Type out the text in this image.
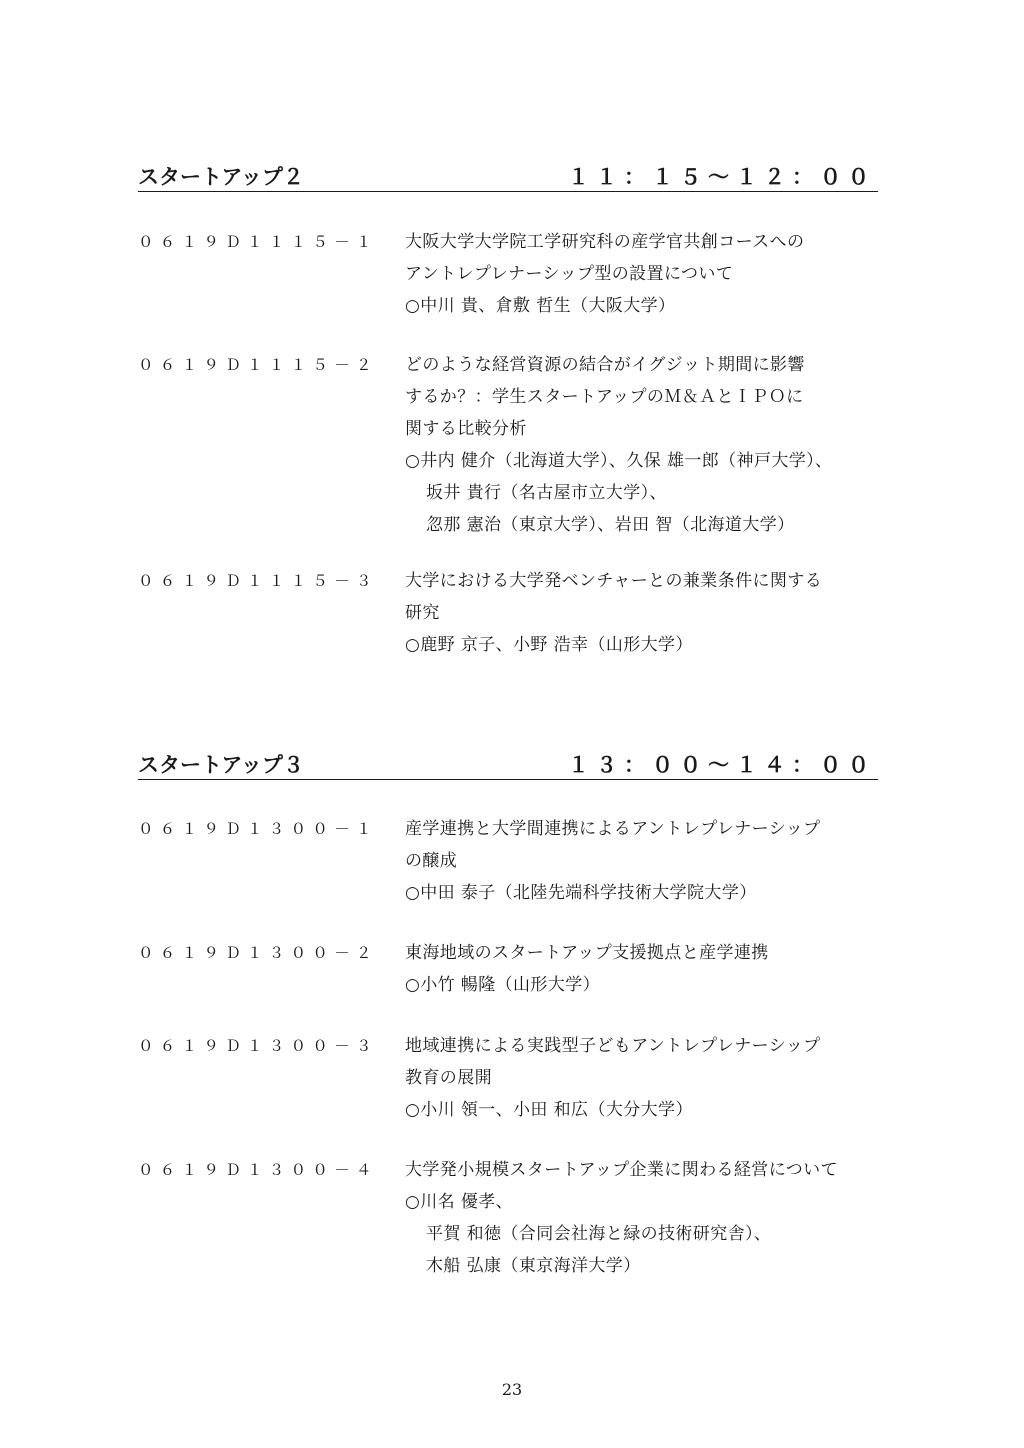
スタートアップ２	１１：１５～１２：００
０６１９Ｄ１１１５－１ 大阪大学大学院工学研究科の産学官共創コースへの
アントレプレナーシップ型の設置について
○中川 貴、倉敷 哲生（大阪大学）
０６１９Ｄ１１１５－２ どのような経営資源の結合がイグジット期間に影響
するか？：学生スタートアップのＭ＆ＡとＩＰＯに
関する比較分析
○井内 健介（北海道大学）、久保 雄一郎（神戸大学）、
坂井 貴行（名古屋市立大学）、
忽那 憲治（東京大学）、岩田 智（北海道大学）
０６１９Ｄ１１１５－３ 大学における大学発ベンチャーとの兼業条件に関する
研究
○鹿野 京子、小野 浩幸（山形大学）
スタートアップ３	１３：００～１４：００
０６１９Ｄ１３００－１ 産学連携と大学間連携によるアントレプレナーシップ
の醸成
○中田 泰子（北陸先端科学技術大学院大学）
０６１９Ｄ１３００－２ 東海地域のスタートアップ支援拠点と産学連携
○小竹 暢隆（山形大学）
０６１９Ｄ１３００－３ 地域連携による実践型子どもアントレプレナーシップ
教育の展開
○小川 領一、小田 和広（大分大学）
０６１９Ｄ１３００－４ 大学発小規模スタートアップ企業に関わる経営について
○川名 優孝、
平賀 和徳（合同会社海と緑の技術研究舎）、
木船 弘康（東京海洋大学）
23
